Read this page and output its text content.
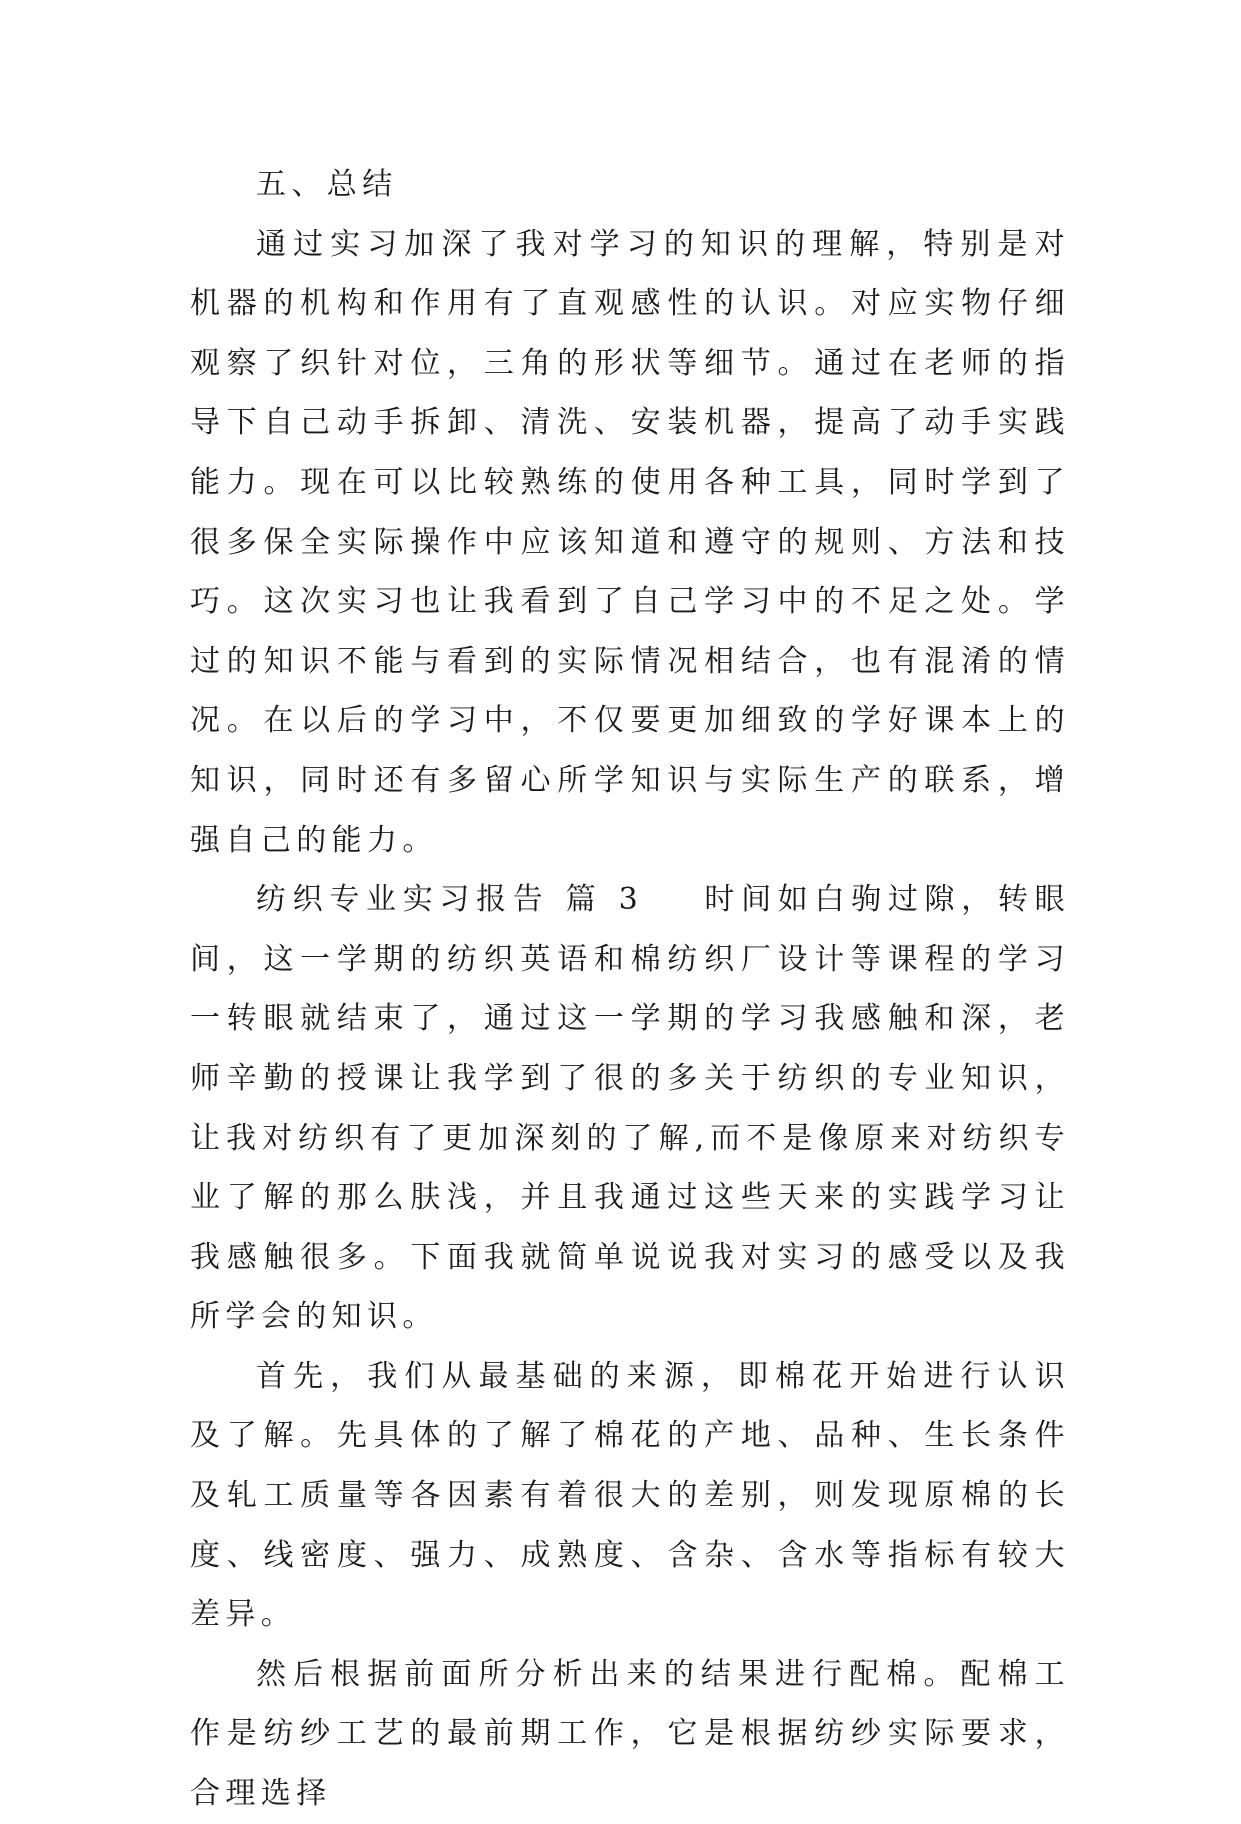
五、总结

通过实习加深了我对学习的知识的理解，特别是对机器的机构和作用有了直观感性的认识。对应实物仔细观察了织针对位，三角的形状等细节。通过在老师的指导下自己动手拆卸、清洗、安装机器，提高了动手实践能力。现在可以比较熟练的使用各种工具，同时学到了很多保全实际操作中应该知道和遵守的规则、方法和技巧。这次实习也让我看到了自己学习中的不足之处。学过的知识不能与看到的实际情况相结合，也有混淆的情况。在以后的学习中，不仅要更加细致的学好课本上的知识，同时还有多留心所学知识与实际生产的联系，增强自己的能力。

纺织专业实习报告 篇 3 时间如白驹过隙，转眼间，这一学期的纺织英语和棉纺织厂设计等课程的学习一转眼就结束了，通过这一学期的学习我感触和深，老师辛勤的授课让我学到了很的多关于纺织的专业知识，让我对纺织有了更加深刻的了解,而不是像原来对纺织专业了解的那么肤浅，并且我通过这些天来的实践学习让我感触很多。下面我就简单说说我对实习的感受以及我所学会的知识。

首先，我们从最基础的来源，即棉花开始进行认识及了解。先具体的了解了棉花的产地、品种、生长条件及轧工质量等各因素有着很大的差别，则发现原棉的长度、线密度、强力、成熟度、含杂、含水等指标有较大差异。

然后根据前面所分析出来的结果进行配棉。配棉工作是纺纱工艺的最前期工作，它是根据纺纱实际要求，合理选择
